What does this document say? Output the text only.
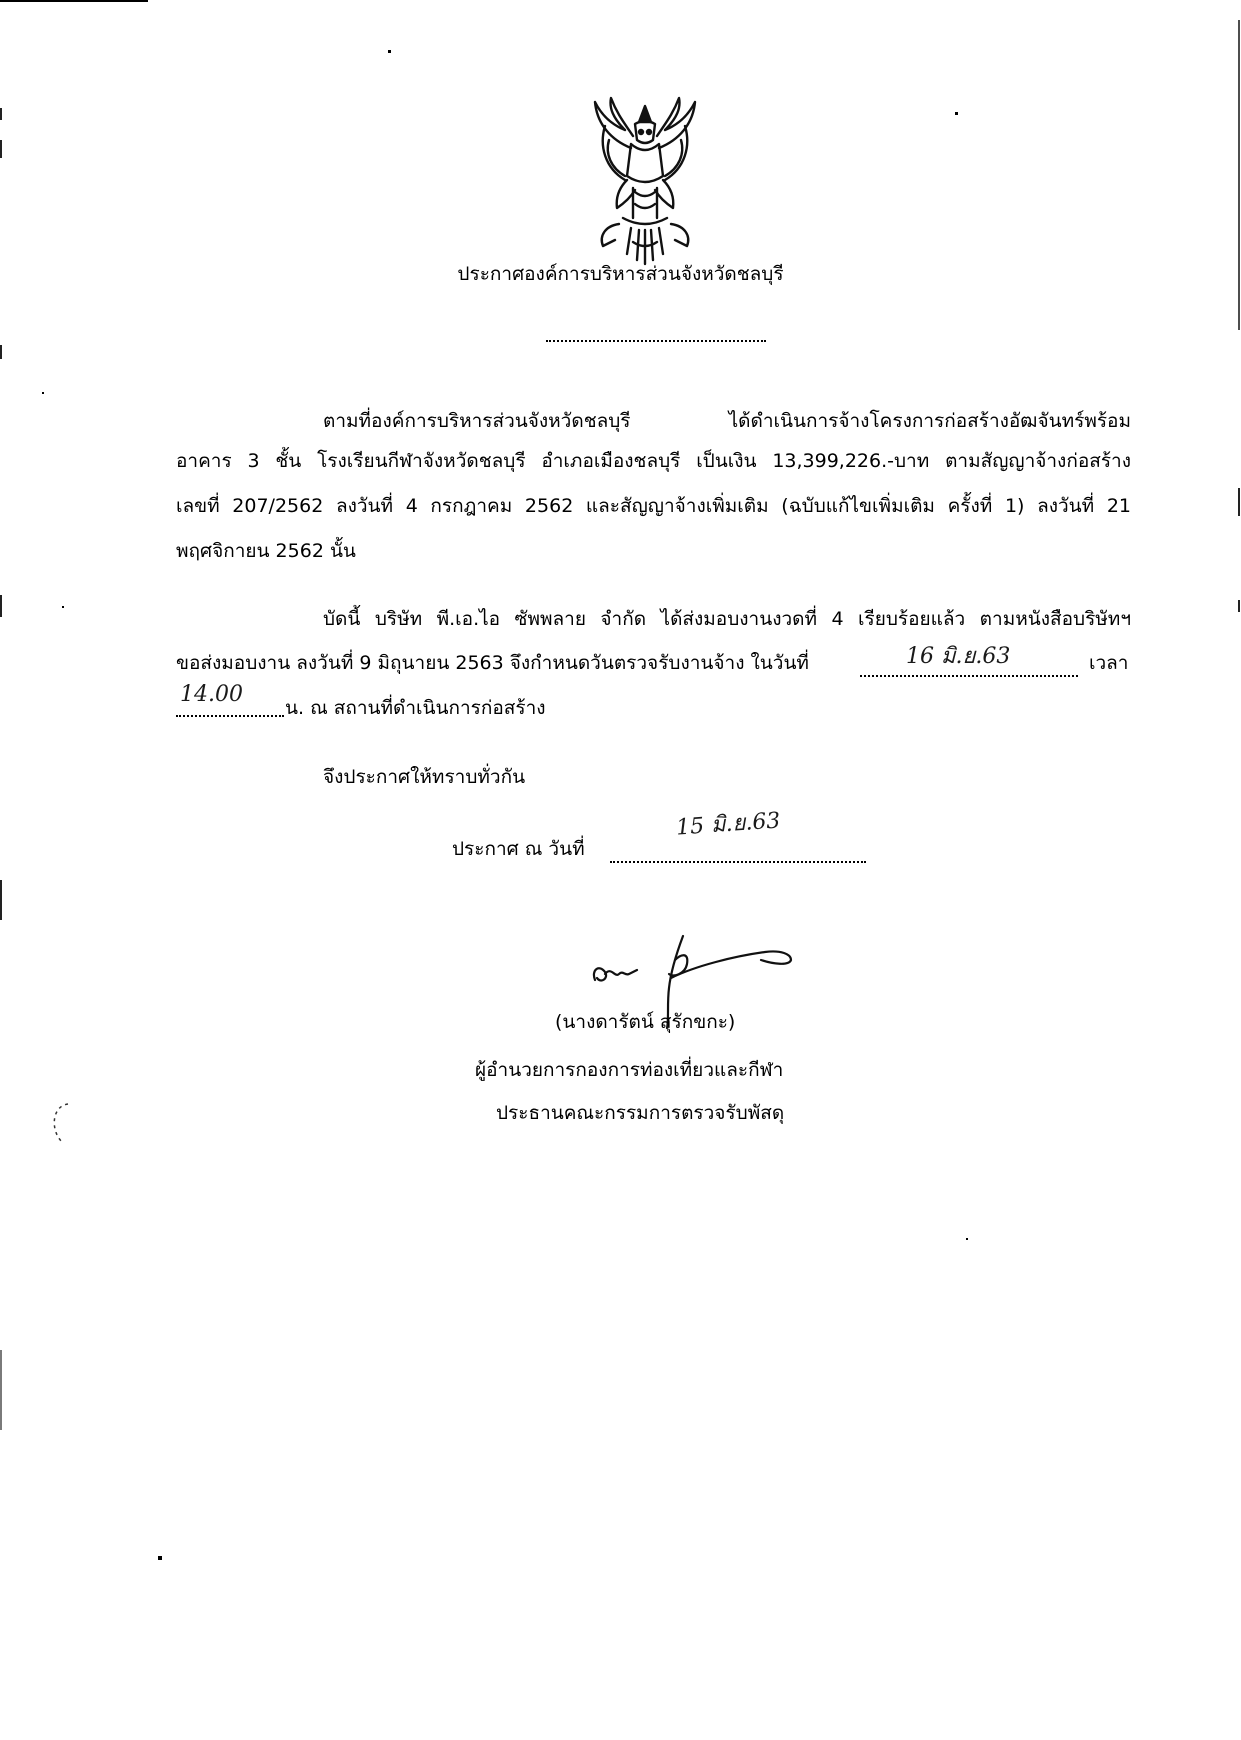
ประกาศองค์การบริหารส่วนจังหวัดชลบุรี
ตามที่องค์การบริหารส่วนจังหวัดชลบุรี ได้ดำเนินการจ้างโครงการก่อสร้างอัฒจันทร์พร้อม
อาคาร 3 ชั้น โรงเรียนกีฬาจังหวัดชลบุรี อำเภอเมืองชลบุรี เป็นเงิน 13,399,226.-บาท ตามสัญญาจ้างก่อสร้าง
เลขที่ 207/2562 ลงวันที่ 4 กรกฎาคม 2562 และสัญญาจ้างเพิ่มเติม (ฉบับแก้ไขเพิ่มเติม ครั้งที่ 1) ลงวันที่ 21
พฤศจิกายน 2562 นั้น
บัดนี้ บริษัท พี.เอ.ไอ ซัพพลาย จำกัด ได้ส่งมอบงานงวดที่ 4 เรียบร้อยแล้ว ตามหนังสือบริษัทฯ
ขอส่งมอบงาน ลงวันที่ 9 มิถุนายน 2563 จึงกำหนดวันตรวจรับงานจ้าง ในวันที่	เวลา
น. ณ สถานที่ดำเนินการก่อสร้าง
16 มิ.ย.63
14.00
จึงประกาศให้ทราบทั่วกัน
ประกาศ ณ วันที่
15 มิ.ย.63
(นางดารัตน์ สุรักขกะ)
ผู้อำนวยการกองการท่องเที่ยวและกีฬา
ประธานคณะกรรมการตรวจรับพัสดุ
